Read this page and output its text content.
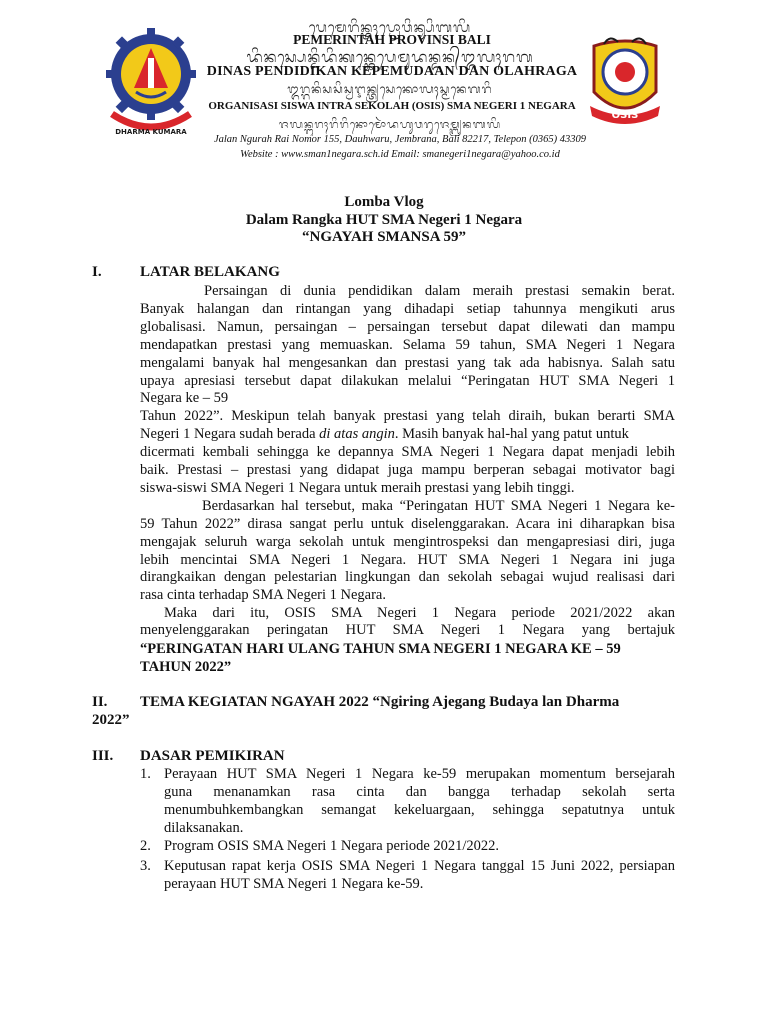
DHARMA KUMARA
ᬧᬾᬫᬾᬭᬶᬦ᭄ᬢᬄᬧ᭄ᬭᭀᬯᬶᬦ᭄ᬲᬶᬩᬮᬶ
PEMERINTAH PROVINSI BALI
ᬤᬶᬦᬲ᭄ᬧᬾᬦ᭄ᬤᬶᬤᬶᬓᬦ᭄ᬓᬾᬧᬾᬫᬸᬤᬦ᭄ᬤᬦ᭄ᬑᬮᬄᬭᬕ
DINAS PENDIDIKAN KEPEMUDAAN DAN OLAHRAGA
ᬑᬭ᭄ᬕᬦᬶᬲᬲᬶᬲ᭄ᬯᬇᬦ᭄ᬢ᭄ᬭᬲᬾᬓᭀᬮᬄᬲ᭄ᬫᬦᬾᬕᬭᬶ
ORGANISASI SISWA INTRA SEKOLAH (OSIS) SMA NEGERI 1 NEGARA
ᬚᬮᬦ᭄ᬗᬸᬭᬄᬭᬶᬭᬶᬦᭀᬫᭀᬃᬤᬳᬸᬯᬭᬸᬚᬾᬫ᭄ᬩ᭄ᬭᬦᬩᬮᬶ
Jalan Ngurah Rai Nomor 155, Dauhwaru, Jembrana, Bali 82217, Telepon (0365) 43309
Website : www.sman1negara.sch.id Email: smanegeri1negara@yahoo.co.id
OSIS
Lomba Vlog
Dalam Rangka HUT SMA Negeri 1 Negara
“NGAYAH SMANSA 59”
I.	LATAR BELAKANG
Persaingan di dunia pendidikan dalam meraih prestasi semakin berat.
Banyak halangan dan rintangan yang dihadapi setiap tahunnya mengikuti arus
globalisasi. Namun, persaingan – persaingan tersebut dapat dilewati dan mampu
mendapatkan prestasi yang memuaskan. Selama 59 tahun, SMA Negeri 1 Negara
mengalami banyak hal mengesankan dan prestasi yang tak ada habisnya. Salah satu
upaya apresiasi tersebut dapat dilakukan melalui “Peringatan HUT SMA Negeri 1
Negara ke – 59
Tahun 2022”. Meskipun telah banyak prestasi yang telah diraih, bukan berarti SMA
Negeri 1 Negara sudah berada di atas angin. Masih banyak hal-hal yang patut untuk
dicermati kembali sehingga ke depannya SMA Negeri 1 Negara dapat menjadi lebih
baik. Prestasi – prestasi yang didapat juga mampu berperan sebagai motivator bagi
siswa-siswi SMA Negeri 1 Negara untuk meraih prestasi yang lebih tinggi.
Berdasarkan hal tersebut, maka “Peringatan HUT SMA Negeri 1 Negara ke-
59 Tahun 2022” dirasa sangat perlu untuk diselenggarakan. Acara ini diharapkan bisa
mengajak seluruh warga sekolah untuk mengintrospeksi dan mengapresiasi diri, juga
lebih mencintai SMA Negeri 1 Negara. HUT SMA Negeri 1 Negara ini juga
dirangkaikan dengan pelestarian lingkungan dan sekolah sebagai wujud realisasi dari
rasa cinta terhadap SMA Negeri 1 Negara.
Maka dari itu, OSIS SMA Negeri 1 Negara periode 2021/2022 akan
menyelenggarakan peringatan HUT SMA Negeri 1 Negara yang bertajuk
“PERINGATAN HARI ULANG TAHUN SMA NEGERI 1 NEGARA KE – 59
TAHUN 2022”
II. TEMA KEGIATAN NGAYAH 2022 “Ngiring Ajegang Budaya lan Dharma
2022”
III. DASAR PEMIKIRAN
1. Perayaan HUT SMA Negeri 1 Negara ke-59 merupakan momentum bersejarah
guna menanamkan rasa cinta dan bangga terhadap sekolah serta
menumbuhkembangkan semangat kekeluargaan, sehingga sepatutnya untuk
dilaksanakan.
2. Program OSIS SMA Negeri 1 Negara periode 2021/2022.
3. Keputusan rapat kerja OSIS SMA Negeri 1 Negara tanggal 15 Juni 2022, persiapan
perayaan HUT SMA Negeri 1 Negara ke-59.
